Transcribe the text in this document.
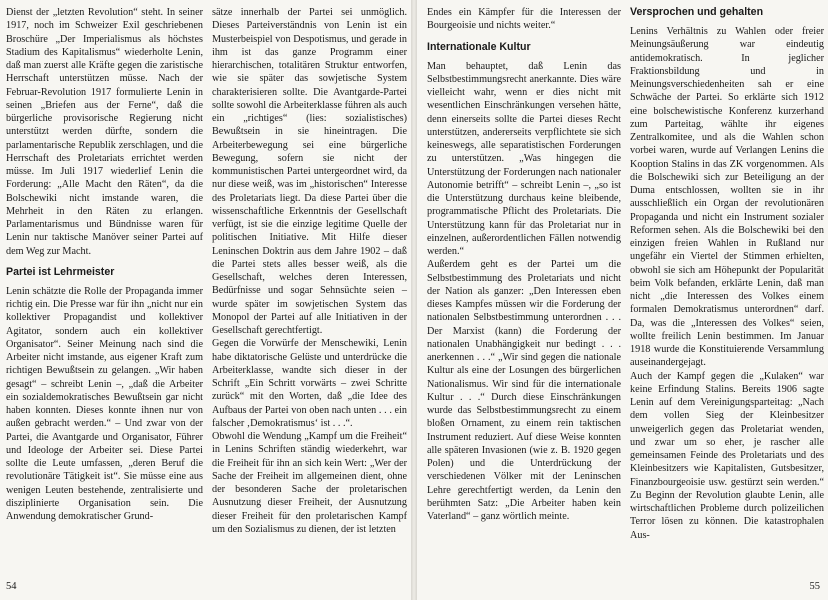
Dienst der „letzten Revolution“ steht. In seiner 1917, noch im Schweizer Exil geschriebenen Broschüre „Der Imperialismus als höchstes Stadium des Kapitalismus“ wiederholte Lenin, daß man zuerst alle Kräfte gegen die zaristische Herrschaft unterstützen müsse. Nach der Februar-Revolution 1917 formulierte Lenin in seinen „Briefen aus der Ferne“, daß die bürgerliche provisorische Regierung nicht unterstützt werden dürfte, sondern die parlamentarische Republik zerschlagen, und die Herrschaft des Proletariats errichtet werden müsse. Im Juli 1917 wiederlief Lenin die Forderung: „Alle Macht den Räten“, da die Bolschewiki nicht imstande waren, die Mehrheit in den Räten zu erlangen. Parlamentarismus und Bündnisse waren für Lenin nur taktische Manöver seiner Partei auf dem Weg zur Macht.

Partei ist Lehrmeister

Lenin schätzte die Rolle der Propaganda immer richtig ein. Die Presse war für ihn „nicht nur ein kollektiver Propagandist und kollektiver Agitator, sondern auch ein kollektiver Organisator“. Seiner Meinung nach sind die Arbeiter nicht imstande, aus eigener Kraft zum richtigen Bewußtsein zu gelangen. „Wir haben gesagt“ – schreibt Lenin –, „daß die Arbeiter ein sozialdemokratisches Bewußtsein gar nicht haben konnten. Dieses konnte ihnen nur von außen gebracht werden.“ – Und zwar von der Partei, die Avantgarde und Organisator, Führer und Ideologe der Arbeiter sei. Diese Partei sollte die Leute umfassen, „deren Beruf die revolutionäre Tätigkeit ist“. Sie müsse eine aus wenigen Leuten bestehende, zentralisierte und disziplinierte Organisation sein. Die Anwendung demokratischer Grund-

sätze innerhalb der Partei sei unmöglich. Dieses Parteiverständnis von Lenin ist ein Musterbeispiel von Despotismus, und gerade in ihm ist das ganze Programm einer hierarchischen, totalitären Struktur entworfen, wie sie später das sowjetische System charakterisieren sollte. Die Avantgarde-Partei sollte sowohl die Arbeiterklasse führen als auch ein „richtiges“ (lies: sozialistisches) Bewußtsein in sie hineintragen. Die Arbeiterbewegung sei eine bürgerliche Bewegung, sofern sie nicht der kommunistischen Partei untergeordnet wird, da nur diese weiß, was im „historischen“ Interesse des Proletariats liegt. Da diese Partei über die wissenschaftliche Erkenntnis der Gesellschaft verfügt, ist sie die einzige legitime Quelle der politischen Initiative. Mit Hilfe dieser Leninschen Doktrin aus dem Jahre 1902 – daß die Partei stets alles besser weiß, als die Gesellschaft, welches deren Interessen, Bedürfnisse und sogar Sehnsüchte seien – wurde später im sowjetischen System das Monopol der Partei auf alle Initiativen in der Gesellschaft gerechtfertigt.

Gegen die Vorwürfe der Menschewiki, Lenin habe diktatorische Gelüste und unterdrücke die Arbeiterklasse, wandte sich dieser in der Schrift „Ein Schritt vorwärts – zwei Schritte zurück“ mit den Worten, daß „die Idee des Aufbaus der Partei von oben nach unten . . . ein falscher ‚Demokratismus‘ ist . . .“.

Obwohl die Wendung „Kampf um die Freiheit“ in Lenins Schriften ständig wiederkehrt, war die Freiheit für ihn an sich kein Wert: „Wer der Sache der Freiheit im allgemeinen dient, ohne der besonderen Sache der proletarischen Ausnutzung dieser Freiheit, der Ausnutzung dieser Freiheit für den proletarischen Kampf um den Sozialismus zu dienen, der ist letzten

54

Endes ein Kämpfer für die Interessen der Bourgeoisie und nichts weiter.“

Internationale Kultur

Man behauptet, daß Lenin das Selbstbestimmungsrecht anerkannte. Dies wäre vielleicht wahr, wenn er dies nicht mit wesentlichen Einschränkungen versehen hätte, denn einerseits sollte die Partei dieses Recht unterstützen, andererseits verpflichtete sie sich keineswegs, alle separatistischen Forderungen zu unterstützen. „Was hingegen die Unterstützung der Forderungen nach nationaler Autonomie betrifft“ – schreibt Lenin –, „so ist die Unterstützung durchaus keine bleibende, programmatische Pflicht des Proletariats. Die Unterstützung kann für das Proletariat nur in einzelnen, außerordentlichen Fällen notwendig werden.“

Außerdem geht es der Partei um die Selbstbestimmung des Proletariats und nicht der Nation als ganzer: „Den Interessen eben dieses Kampfes müssen wir die Forderung der nationalen Selbstbestimmung unterordnen . . . Der Marxist (kann) die Forderung der nationalen Unabhängigkeit nur bedingt . . . anerkennen . . .“ „Wir sind gegen die nationale Kultur als eine der Losungen des bürgerlichen Nationalismus. Wir sind für die internationale Kultur . . .“ Durch diese Einschränkungen wurde das Selbstbestimmungsrecht zu einem bloßen Ornament, zu einem rein taktischen Instrument reduziert. Auf diese Weise konnten alle späteren Invasionen (wie z. B. 1920 gegen Polen) und die Unterdrückung der verschiedenen Völker mit der Leninschen Lehre gerechtfertigt werden, da Lenin den berühmten Satz: „Die Arbeiter haben kein Vaterland“ – ganz wörtlich meinte.

Versprochen und gehalten

Lenins Verhältnis zu Wahlen oder freier Meinungsäußerung war eindeutig antidemokratisch. In jeglicher Fraktionsbildung und in Meinungsverschiedenheiten sah er eine Schwäche der Partei. So erklärte sich 1912 eine bolschewistische Konferenz kurzerhand zum Parteitag, wählte ihr eigenes Zentralkomitee, und als die Wahlen schon vorbei waren, wurde auf Verlangen Lenins die Kooption Stalins in das ZK vorgenommen. Als die Bolschewiki sich zur Beteiligung an der Duma entschlossen, wollten sie in ihr ausschließlich ein Organ der revolutionären Propaganda und nicht ein Instrument sozialer Reformen sehen. Als die Bolschewiki bei den einzigen freien Wahlen in Rußland nur ungefähr ein Viertel der Stimmen erhielten, obwohl sie sich am Höhepunkt der Popularität beim Volk befanden, erklärte Lenin, daß man nicht „die Interessen des Volkes einem formalen Demokratismus unterordnen“ darf. Da, was die „Interessen des Volkes“ seien, wollte freilich Lenin bestimmen. Im Januar 1918 wurde die Konstituierende Versammlung auseinandergejagt.

Auch der Kampf gegen die „Kulaken“ war keine Erfindung Stalins. Bereits 1906 sagte Lenin auf dem Vereinigungsparteitag: „Nach dem vollen Sieg der Kleinbesitzer unweigerlich gegen das Proletariat wenden, und zwar um so eher, je rascher alle gemeinsamen Feinde des Proletariats und des Kleinbesitzers wie Kapitalisten, Gutsbesitzer, Finanzbourgeoisie usw. gestürzt sein werden.“ Zu Beginn der Revolution glaubte Lenin, alle wirtschaftlichen Probleme durch polizeilichen Terror lösen zu können. Die katastrophalen Aus-

55
